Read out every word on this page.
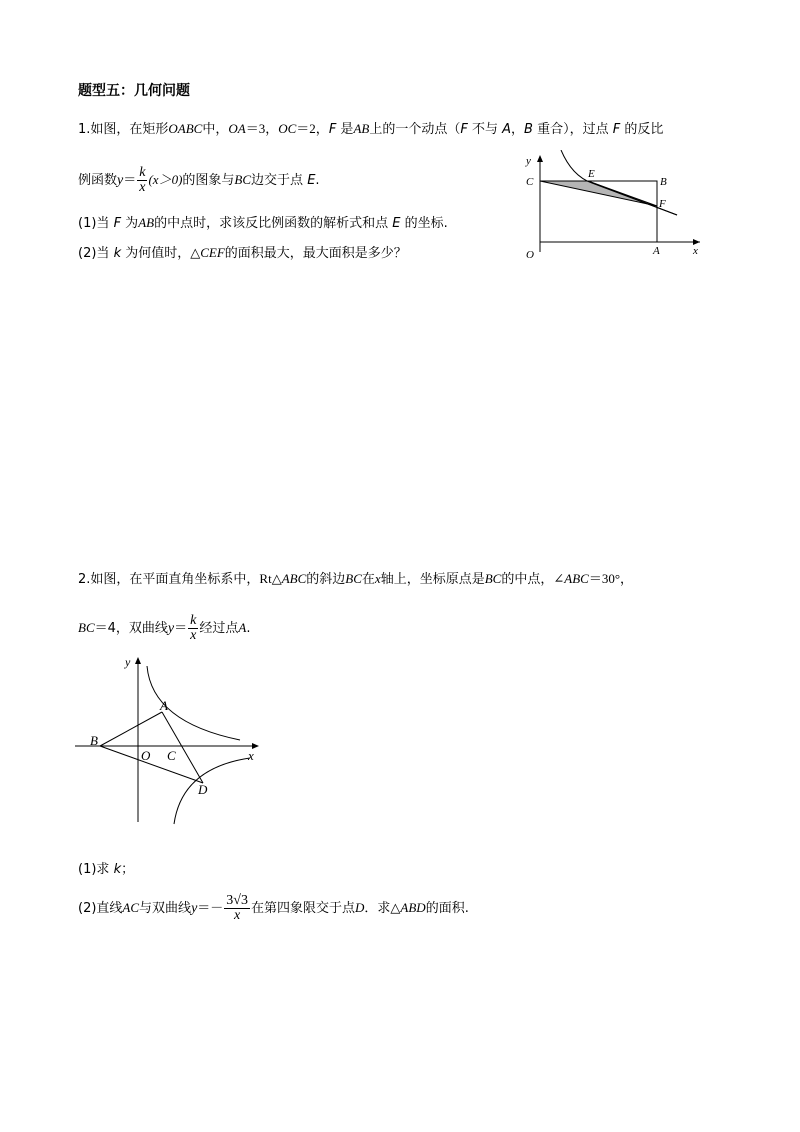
题型五：几何问题
1.如图，在矩形OABC中，OA＝3，OC＝2，F 是AB上的一个动点（F 不与 A，B 重合），过点 F 的反比
例函数$y= \frac{k}{x} (x>0)$的图象与BC边交于点 E.
(1)当 F 为AB的中点时，求该反比例函数的解析式和点 E 的坐标.
(2)当 k 为何值时，△CEF的面积最大，最大面积是多少？	O
C
y
E
B
F
A	x
2.如图，在平面直角坐标系中，Rt△ABC的斜边BC在x轴上，坐标原点是BC的中点，∠ABC＝30°，
BC＝4，双曲线$y= \frac{k}{x}$ 经过点A.
y
A
B
O C	x
D
(1)求 k；
(2)直线AC与双曲线$y=- \frac{3√3}{x}$ 在第四象限交于点D．求△ABD的面积.
